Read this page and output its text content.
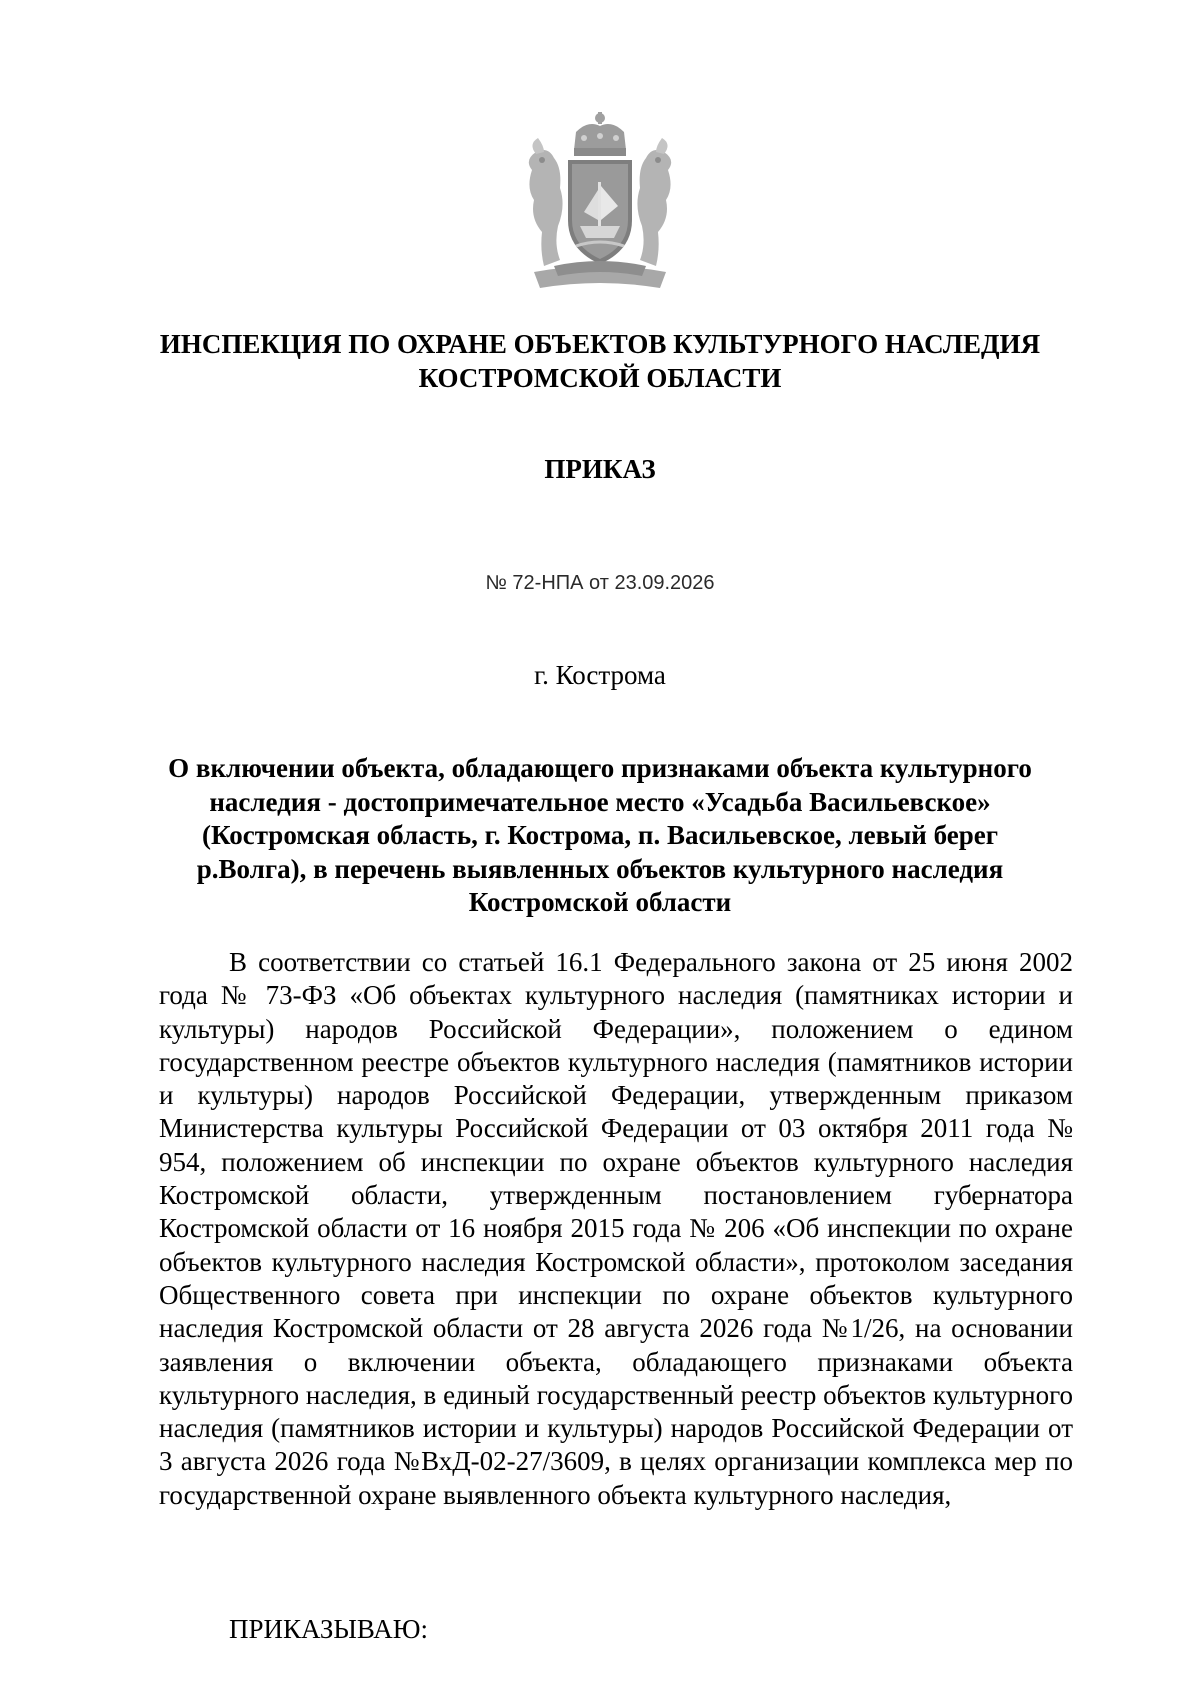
ИНСПЕКЦИЯ ПО ОХРАНЕ ОБЪЕКТОВ КУЛЬТУРНОГО НАСЛЕДИЯ КОСТРОМСКОЙ ОБЛАСТИ
ПРИКАЗ
№ 72-НПА от 23.09.2026
г. Кострома
О включении объекта, обладающего признаками объекта культурного наследия - достопримечательное место «Усадьба Васильевское» (Костромская область, г. Кострома, п. Васильевское, левый берег р.Волга), в перечень выявленных объектов культурного наследия Костромской области

В соответствии со статьей 16.1 Федерального закона от 25 июня 2002 года № 73-ФЗ «Об объектах культурного наследия (памятниках истории и культуры) народов Российской Федерации», положением о едином государственном реестре объектов культурного наследия (памятников истории и культуры) народов Российской Федерации, утвержденным приказом Министерства культуры Российской Федерации от 03 октября 2011 года № 954, положением об инспекции по охране объектов культурного наследия Костромской области, утвержденным постановлением губернатора Костромской области от 16 ноября 2015 года № 206 «Об инспекции по охране объектов культурного наследия Костромской области», протоколом заседания Общественного совета при инспекции по охране объектов культурного наследия Костромской области от 28 августа 2026 года №1/26, на основании заявления о включении объекта, обладающего признаками объекта культурного наследия, в единый государственный реестр объектов культурного наследия (памятников истории и культуры) народов Российской Федерации от 3 августа 2026 года №ВхД-02-27/3609, в целях организации комплекса мер по государственной охране выявленного объекта культурного наследия,

ПРИКАЗЫВАЮ:
